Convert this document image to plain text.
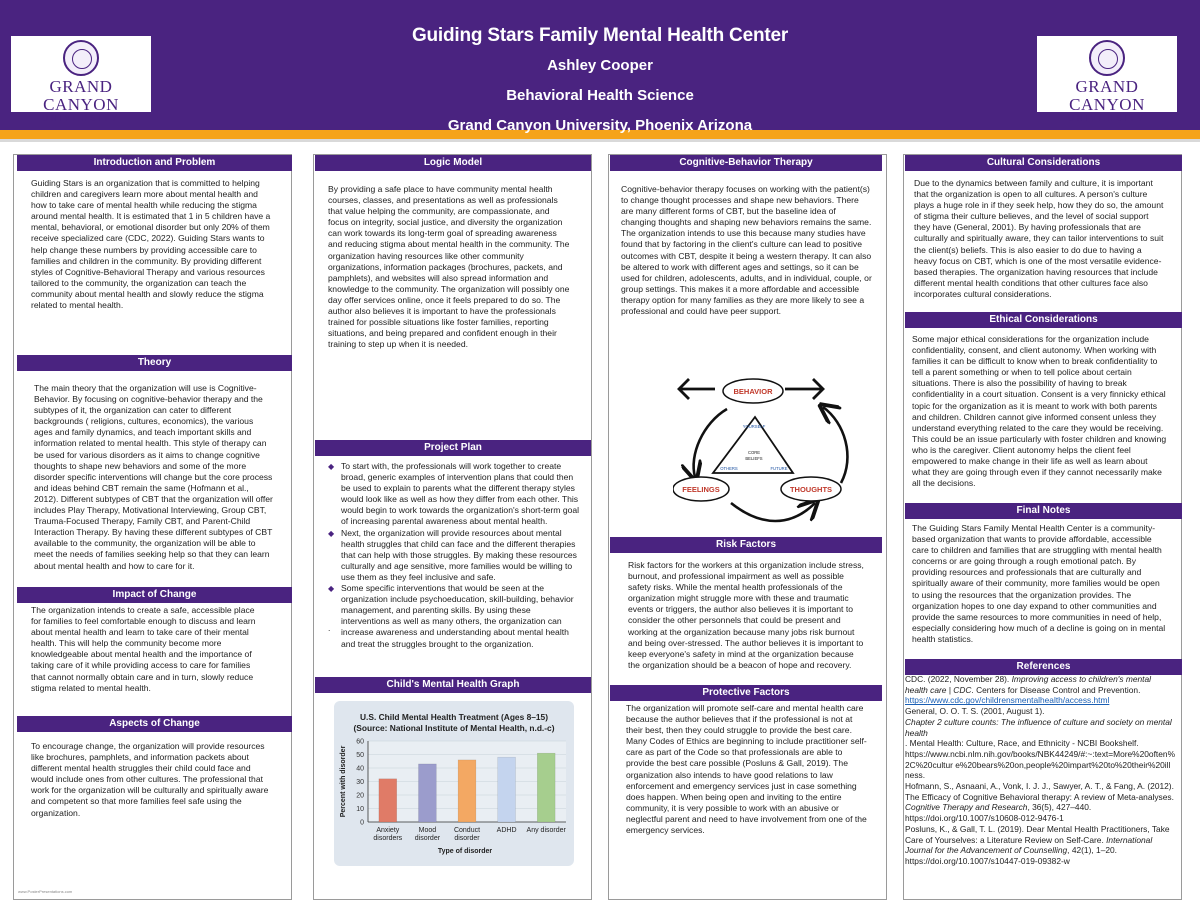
GRAND CANYON
UNIVERSITY
GRAND CANYON
UNIVERSITY
Guiding Stars Family Mental Health Center
Ashley Cooper
Behavioral Health Science
Grand Canyon University, Phoenix Arizona
Introduction and Problem
Guiding Stars is an organization that is committed to helping children and caregivers learn more about mental health and how to take care of mental health while reducing the stigma around mental health. It is estimated that 1 in 5 children have a mental, behavioral, or emotional disorder but only 20% of them receive specialized care (CDC, 2022). Guiding Stars wants to help change these numbers by providing accessible care to families and children in the community. By providing different styles of Cognitive-Behavioral Therapy and various resources tailored to the community, the organization can teach the community about mental health and slowly reduce the stigma related to mental health.
Theory
The main theory that the organization will use is Cognitive-Behavior. By focusing on cognitive-behavior therapy and the subtypes of it, the organization can cater to different backgrounds ( religions, cultures, economics), the various ages and family dynamics, and teach important skills and information related to mental health. This style of therapy can be used for various disorders as it aims to change cognitive thoughts to shape new behaviors and some of the more disorder specific interventions will change but the core process and ideas behind CBT remain the same (Hofmann et al., 2012). Different subtypes of CBT that the organization will offer includes Play Therapy, Motivational Interviewing, Group CBT, Trauma-Focused Therapy, Family CBT, and Parent-Child Interaction Therapy. By having these different subtypes of CBT available to the community, the organization will be able to meet the needs of families seeking help so that they can learn about mental health and how to care for it.
Impact of Change
The organization intends to create a safe, accessible place for families to feel comfortable enough to discuss and learn about mental health and learn to take care of their mental health. This will help the community become more knowledgeable about mental health and the importance of taking care of it while providing access to care for families that cannot normally obtain care and in turn, slowly reduce stigma related to mental health.
Aspects of Change
To encourage change, the organization will provide resources like brochures, pamphlets, and information packets about different mental health struggles their child could face and would include ones from other cultures. The professional that work for the organization will be culturally and spiritually aware and competent so that more families feel safe using the organization.
Logic Model
By providing a safe place to have community mental health courses, classes, and presentations as well as professionals that value helping the community, are compassionate, and focus on integrity, social justice, and diversity the organization can work towards its long-term goal of spreading awareness and reducing stigma about mental health in the community. The organization having resources like other community organizations, information packages (brochures, packets, and pamphlets), and websites will also spread information and knowledge to the community. The organization will possibly one day offer services online, once it feels prepared to do so. The author also believes it is important to have the professionals trained for possible situations like foster families, reporting situations, and being prepared and confident enough in their training to step up when it is needed.
Project Plan
◆ To start with, the professionals will work together to create broad, generic examples of intervention plans that could then be used to explain to parents what the different therapy styles would look like as well as how they differ from each other. This would begin to work towards the organization's short-term goal of increasing parental awareness about mental health.
◆ Next, the organization will provide resources about mental health struggles that child can face and the different therapies that can help with those struggles. By making these resources culturally and age sensitive, more families would be willing to use them as they feel inclusive and safe.
◆ Some specific interventions that would be seen at the organization include psychoeducation, skill-building, behavior management, and parenting skills. By using these interventions as well as many others, the organization can increase awareness and understanding about mental health and treat the struggles brought to the organization.
.
Child's Mental Health Graph
U.S. Child Mental Health Treatment (Ages 8–15)
(Source: National Institute of Mental Health, n.d.-c)
0
10
20
30
40
50
60
Anxiety
disorders
Mood
disorder
Conduct
disorder
ADHD Any disorder
Type of disorder
Percent with disorder
Cognitive-Behavior Therapy
Cognitive-behavior therapy focuses on working with the patient(s) to change thought processes and shape new behaviors. There are many different forms of CBT, but the baseline idea of changing thoughts and shaping new behaviors remains the same. The organization intends to use this because many studies have found that by factoring in the client's culture can lead to positive outcomes with CBT, despite it being a western therapy. It can also be altered to work with different ages and settings, so it can be used for children, adolescents, adults, and in individual, couple, or group settings. This makes it a more affordable and accessible therapy option for many families as they are more likely to see a professional and could have peer support.
BEHAVIOR
FEELINGS	THOUGHTS
CORE
BELIEFS
YOURSELF
OTHERS	FUTURE
Risk Factors
Risk factors for the workers at this organization include stress, burnout, and professional impairment as well as possible safety risks. While the mental health professionals of the organization might struggle more with these and traumatic events or triggers, the author also believes it is important to consider the other personnels that could be present and working at the organization because many jobs risk burnout and being over-stressed. The author believes it is important to keep everyone's safety in mind at the organization because the organization should be a beacon of hope and recovery.
Protective Factors
The organization will promote self-care and mental health care because the author believes that if the professional is not at their best, then they could struggle to provide the best care. Many Codes of Ethics are beginning to include practitioner self-care as part of the Code so that professionals are able to provide the best care possible (Posluns & Gall, 2019). The organization also intends to have good relations to law enforcement and emergency services just in case something does happen. When being open and inviting to the entire community, it is very possible to work with an abusive or neglectful parent and need to have involvement from one of the emergency services.
Cultural Considerations
Due to the dynamics between family and culture, it is important that the organization is open to all cultures. A person's culture plays a huge role in if they seek help, how they do so, the amount of stigma their culture believes, and the level of social support they have (General, 2001). By having professionals that are culturally and spiritually aware, they can tailor interventions to suit the client(s) beliefs. This is also easier to do due to having a heavy focus on CBT, which is one of the most versatile evidence-based therapies. The organization having resources that include different mental health conditions that other cultures face also incorporates cultural considerations.
Ethical Considerations
Some major ethical considerations for the organization include confidentiality, consent, and client autonomy. When working with families it can be difficult to know when to break confidentiality to tell a parent something or when to tell police about certain situations. There is also the possibility of having to break confidentiality in a court situation. Consent is a very finnicky ethical topic for the organization as it is meant to work with both parents and children. Children cannot give informed consent unless they understand everything related to the care they would be receiving. This could be an issue particularly with foster children and knowing who is the caregiver. Client autonomy helps the client feel empowered to make change in their life as well as learn about what they are going through even if they cannot necessarily make all the decisions.
Final Notes
The Guiding Stars Family Mental Health Center is a community-based organization that wants to provide affordable, accessible care to children and families that are struggling with mental health concerns or are going through a rough emotional patch. By providing resources and professionals that are culturally and spiritually aware of their community, more families would be open to using the resources that the organization provides. The organization hopes to one day expand to other communities and provide the same resources to more communities in need of help, especially considering how much of a decline is going on in mental health statistics.
References

CDC. (2022, November 28). Improving access to children's mental health care | CDC. Centers for Disease Control and Prevention.
https://www.cdc.gov/childrensmentalhealth/access.html

General, O. O. T. S. (2001, August 1).
Chapter 2 culture counts: The influence of culture and society on mental health
. Mental Health: Culture, Race, and Ethnicity - NCBI Bookshelf.
https://www.ncbi.nlm.nih.gov/books/NBK44249/#:~:text=More%20often%2C%20cultur e%20bears%20on,people%20impart%20to%20their%20illness.

Hofmann, S., Asnaani, A., Vonk, I. J. J., Sawyer, A. T., & Fang, A. (2012). The Efficacy of Cognitive Behavioral therapy: A review of Meta-analyses. Cognitive Therapy and Research, 36(5), 427–440. https://doi.org/10.1007/s10608-012-9476-1

Posluns, K., & Gall, T. L. (2019). Dear Mental Health Practitioners, Take Care of Yourselves: a Literature Review on Self-Care. International Journal for the Advancement of Counselling, 42(1), 1–20. https://doi.org/10.1007/s10447-019-09382-w

www.PosterPresentations.com
